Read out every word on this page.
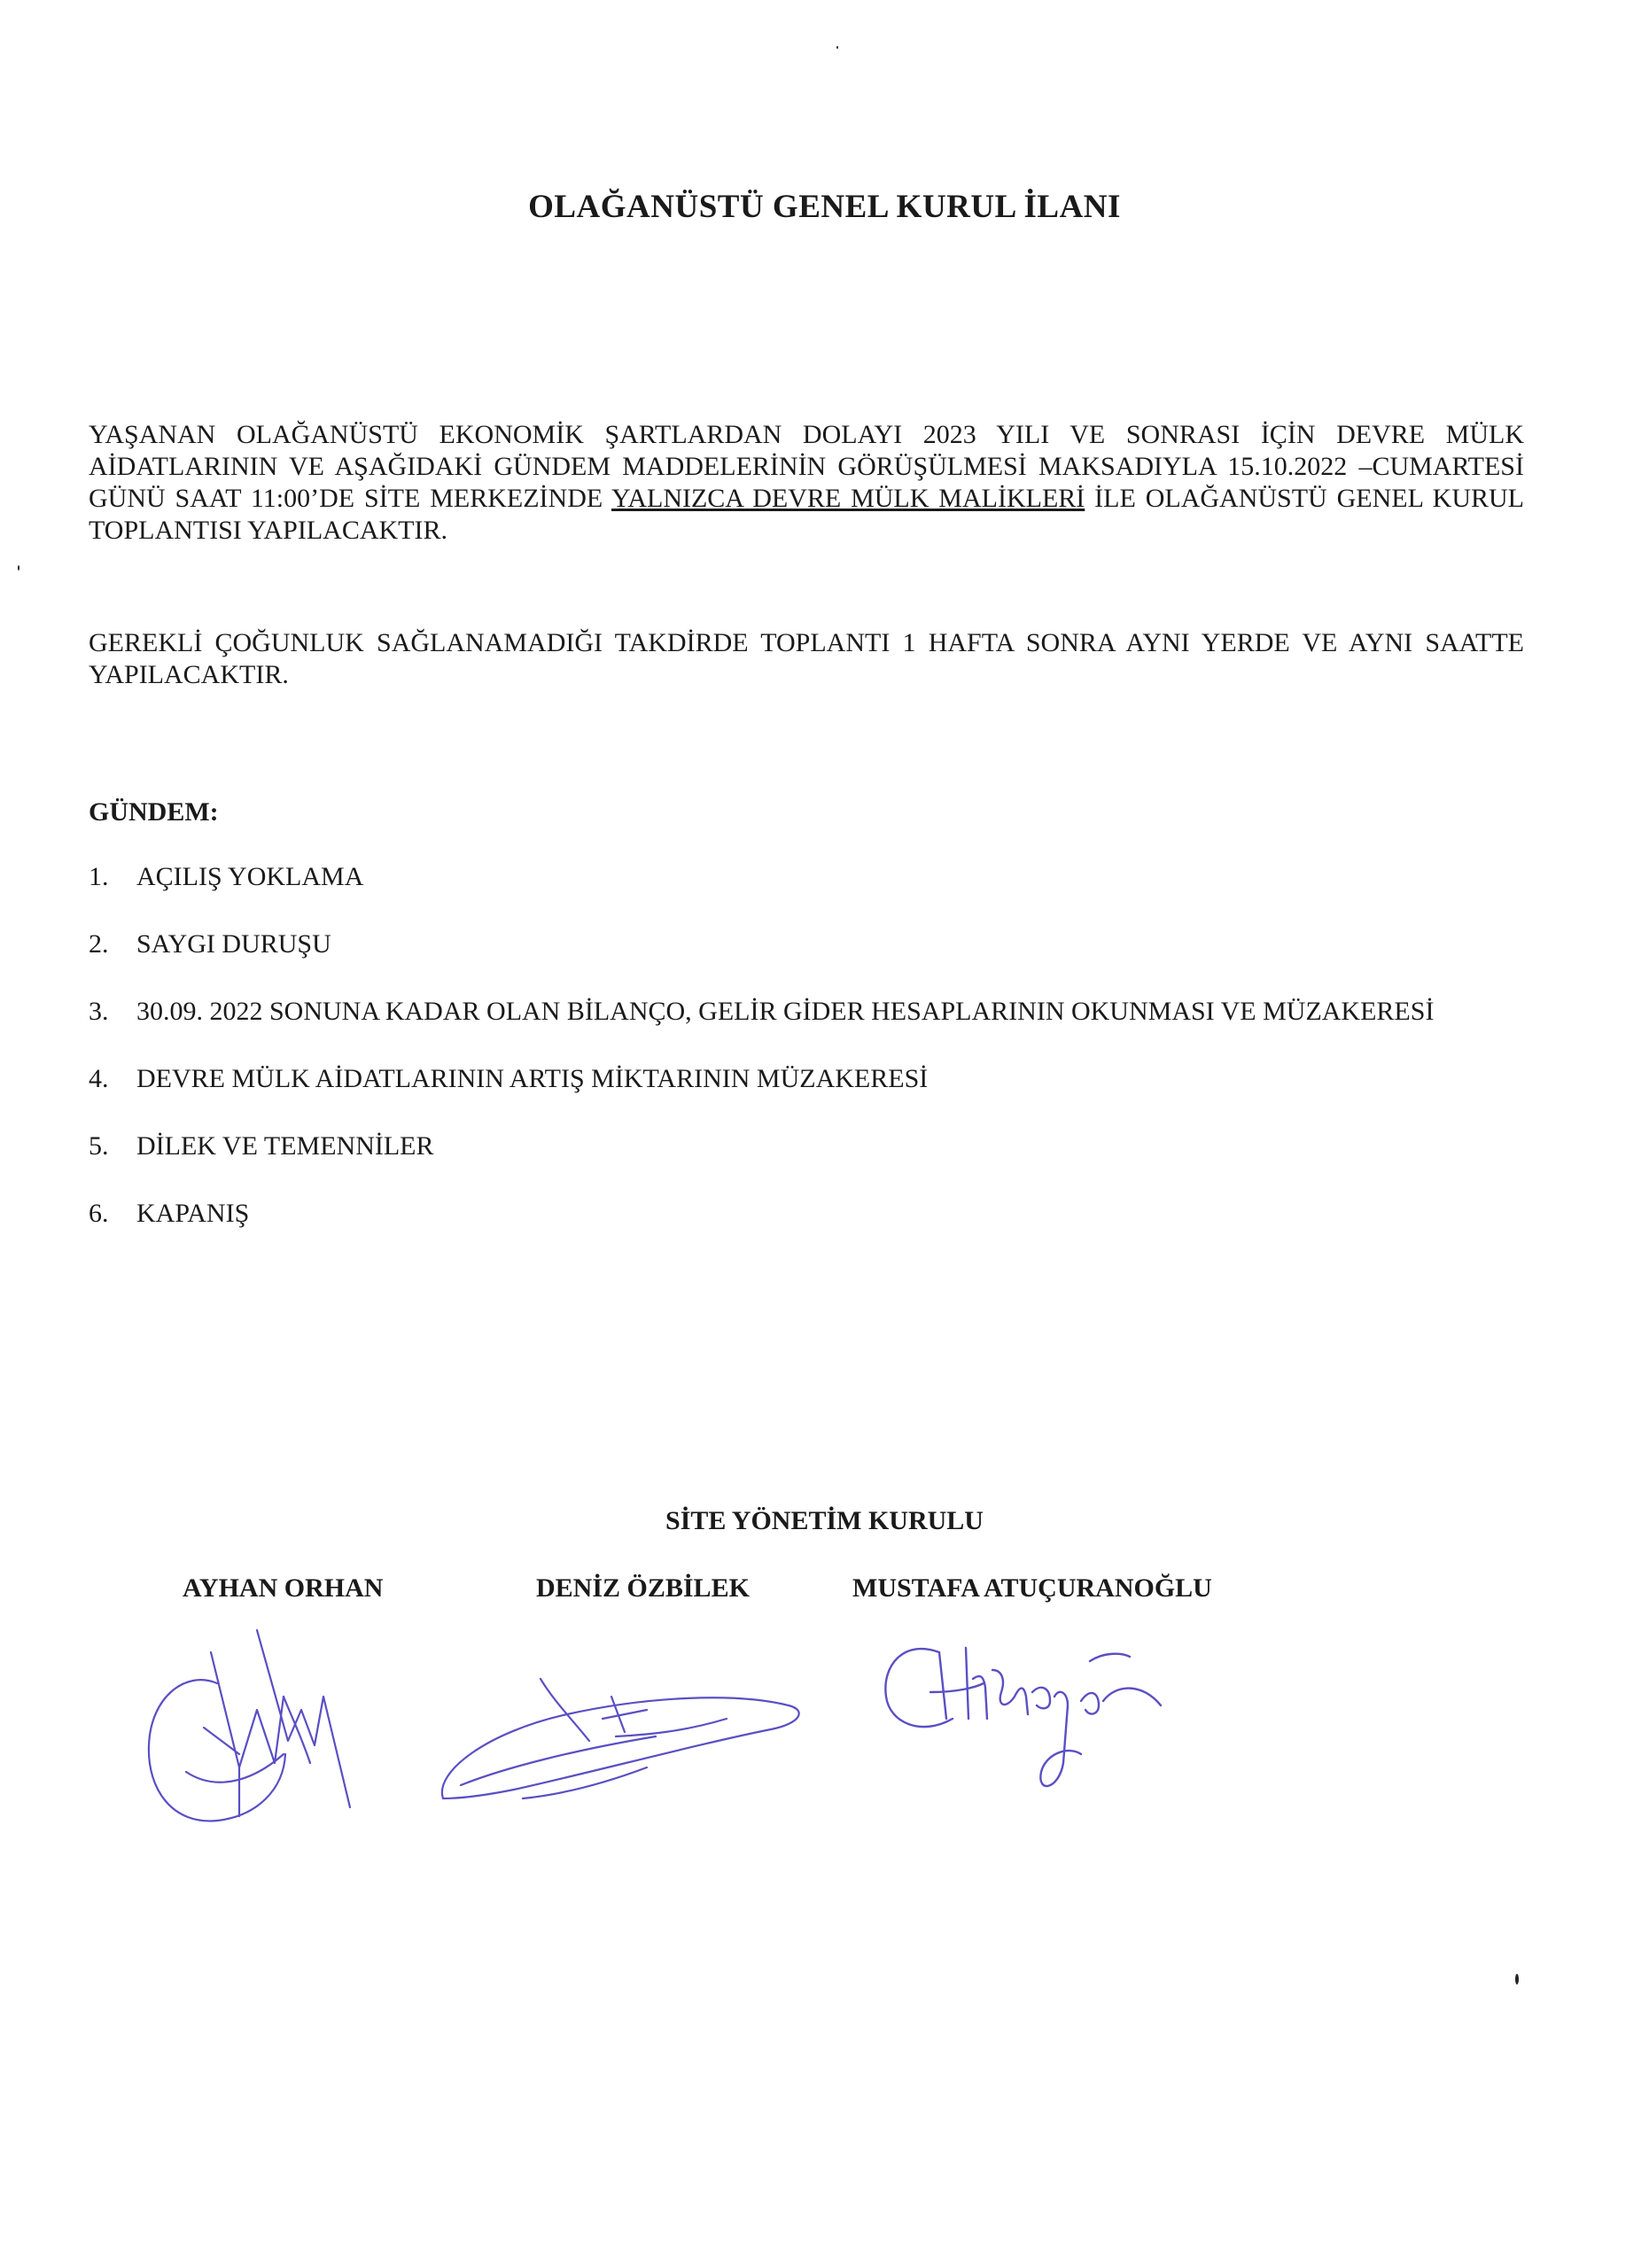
OLAĞANÜSTÜ GENEL KURUL İLANI
YAŞANAN OLAĞANÜSTÜ EKONOMİK ŞARTLARDAN DOLAYI 2023 YILI VE SONRASI İÇİN DEVRE MÜLK AİDATLARININ VE AŞAĞIDAKİ GÜNDEM MADDELERİNİN GÖRÜŞÜLMESİ MAKSADIYLA 15.10.2022 –CUMARTESİ GÜNÜ SAAT 11:00’DE SİTE MERKEZİNDE YALNIZCA DEVRE MÜLK MALİKLERİ İLE OLAĞANÜSTÜ GENEL KURUL TOPLANTISI YAPILACAKTIR.
GEREKLİ ÇOĞUNLUK SAĞLANAMADIĞI TAKDİRDE TOPLANTI 1 HAFTA SONRA AYNI YERDE VE AYNI SAATTE YAPILACAKTIR.
GÜNDEM:
1. AÇILIŞ YOKLAMA
2. SAYGI DURUŞU
3. 30.09. 2022 SONUNA KADAR OLAN BİLANÇO, GELİR GİDER HESAPLARININ OKUNMASI VE MÜZAKERESİ
4. DEVRE MÜLK AİDATLARININ ARTIŞ MİKTARININ MÜZAKERESİ
5. DİLEK VE TEMENNİLER
6. KAPANIŞ
SİTE YÖNETİM KURULU
AYHAN ORHAN	DENİZ ÖZBİLEK	MUSTAFA ATUÇURANOĞLU
